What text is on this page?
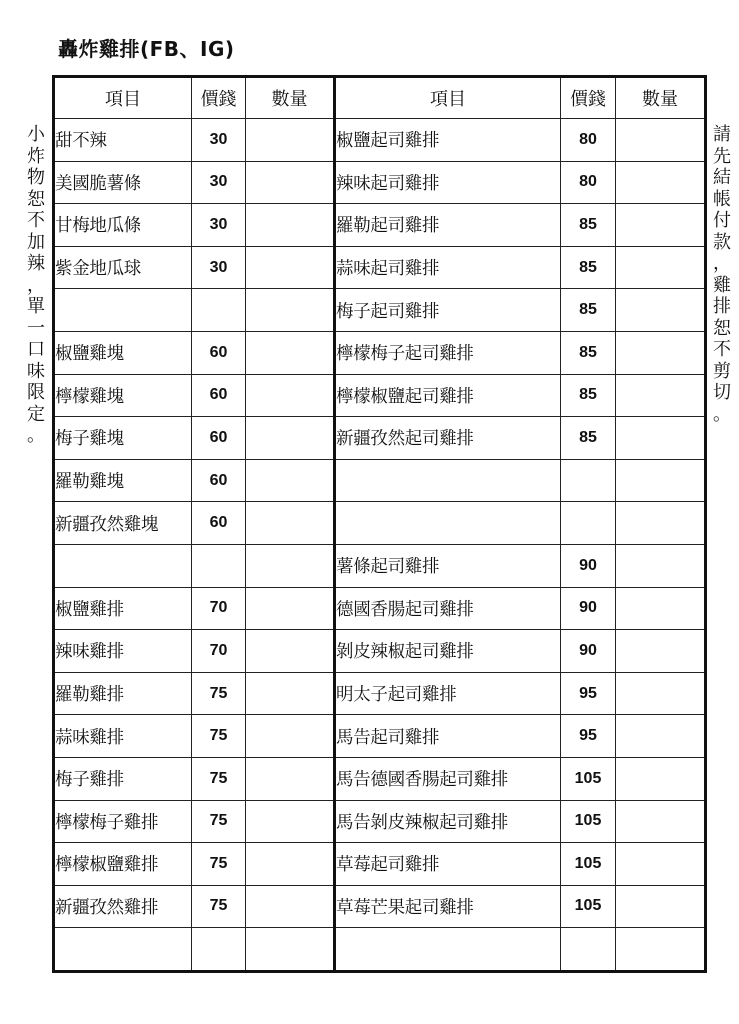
轟炸雞排(FB、IG)
小
炸
物
恕
不
加
辣
，
單
一
口
味
限
定
。
請
先
結
帳
付
款
，
雞
排
恕
不
剪
切
。
項目	價錢	數量	項目	價錢	數量
甜不辣	30		椒鹽起司雞排	80	
美國脆薯條	30		辣味起司雞排	80	
甘梅地瓜條	30		羅勒起司雞排	85	
紫金地瓜球	30		蒜味起司雞排	85	
			梅子起司雞排	85	
椒鹽雞塊	60		檸檬梅子起司雞排	85	
檸檬雞塊	60		檸檬椒鹽起司雞排	85	
梅子雞塊	60		新疆孜然起司雞排	85	
羅勒雞塊	60				
新疆孜然雞塊	60				
			薯條起司雞排	90	
椒鹽雞排	70		德國香腸起司雞排	90	
辣味雞排	70		剝皮辣椒起司雞排	90	
羅勒雞排	75		明太子起司雞排	95	
蒜味雞排	75		馬告起司雞排	95	
梅子雞排	75		馬告德國香腸起司雞排	105	
檸檬梅子雞排	75		馬告剝皮辣椒起司雞排	105	
檸檬椒鹽雞排	75		草莓起司雞排	105	
新疆孜然雞排	75		草莓芒果起司雞排	105	
